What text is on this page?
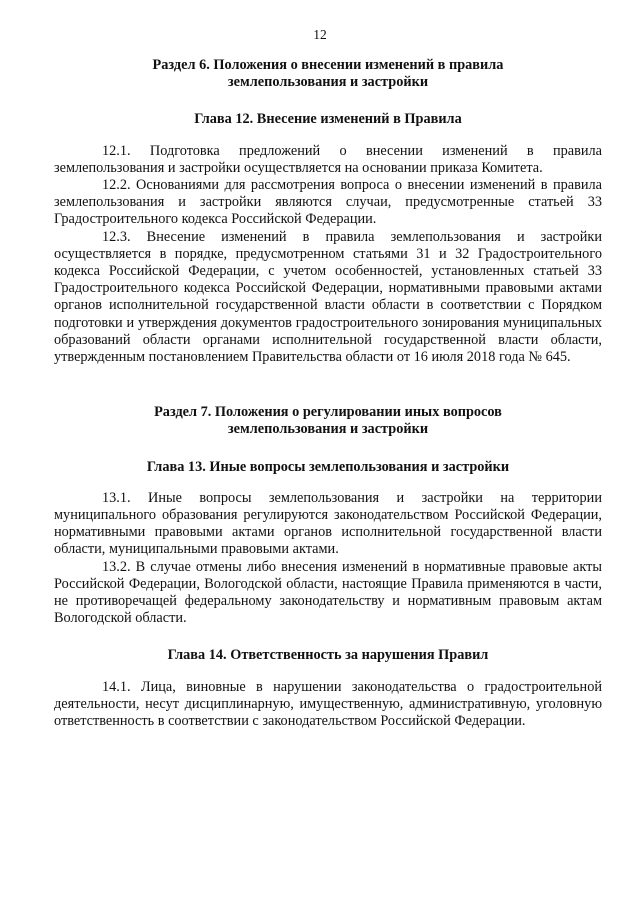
12
Раздел 6. Положения о внесении изменений в правила
землепользования и застройки
Глава 12. Внесение изменений в Правила

12.1. Подготовка предложений о внесении изменений в правила землепользования и застройки осуществляется на основании приказа Комитета.

12.2. Основаниями для рассмотрения вопроса о внесении изменений в правила землепользования и застройки являются случаи, предусмотренные статьей 33 Градостроительного кодекса Российской Федерации.

12.3. Внесение изменений в правила землепользования и застройки осуществляется в порядке, предусмотренном статьями 31 и 32 Градостроительного кодекса Российской Федерации, с учетом особенностей, установленных статьей 33 Градостроительного кодекса Российской Федерации, нормативными правовыми актами органов исполнительной государственной власти области в соответствии с Порядком подготовки и утверждения документов градостроительного зонирования муниципальных образований области органами исполнительной государственной власти области, утвержденным постановлением Правительства области от 16 июля 2018 года № 645.

Раздел 7. Положения о регулировании иных вопросов
землепользования и застройки
Глава 13. Иные вопросы землепользования и застройки

13.1. Иные вопросы землепользования и застройки на территории муниципального образования регулируются законодательством Российской Федерации, нормативными правовыми актами органов исполнительной государственной власти области, муниципальными правовыми актами.

13.2. В случае отмены либо внесения изменений в нормативные правовые акты Российской Федерации, Вологодской области, настоящие Правила применяются в части, не противоречащей федеральному законодательству и нормативным правовым актам Вологодской области.

Глава 14. Ответственность за нарушения Правил

14.1. Лица, виновные в нарушении законодательства о градостроительной деятельности, несут дисциплинарную, имущественную, административную, уголовную ответственность в соответствии с законодательством Российской Федерации.
